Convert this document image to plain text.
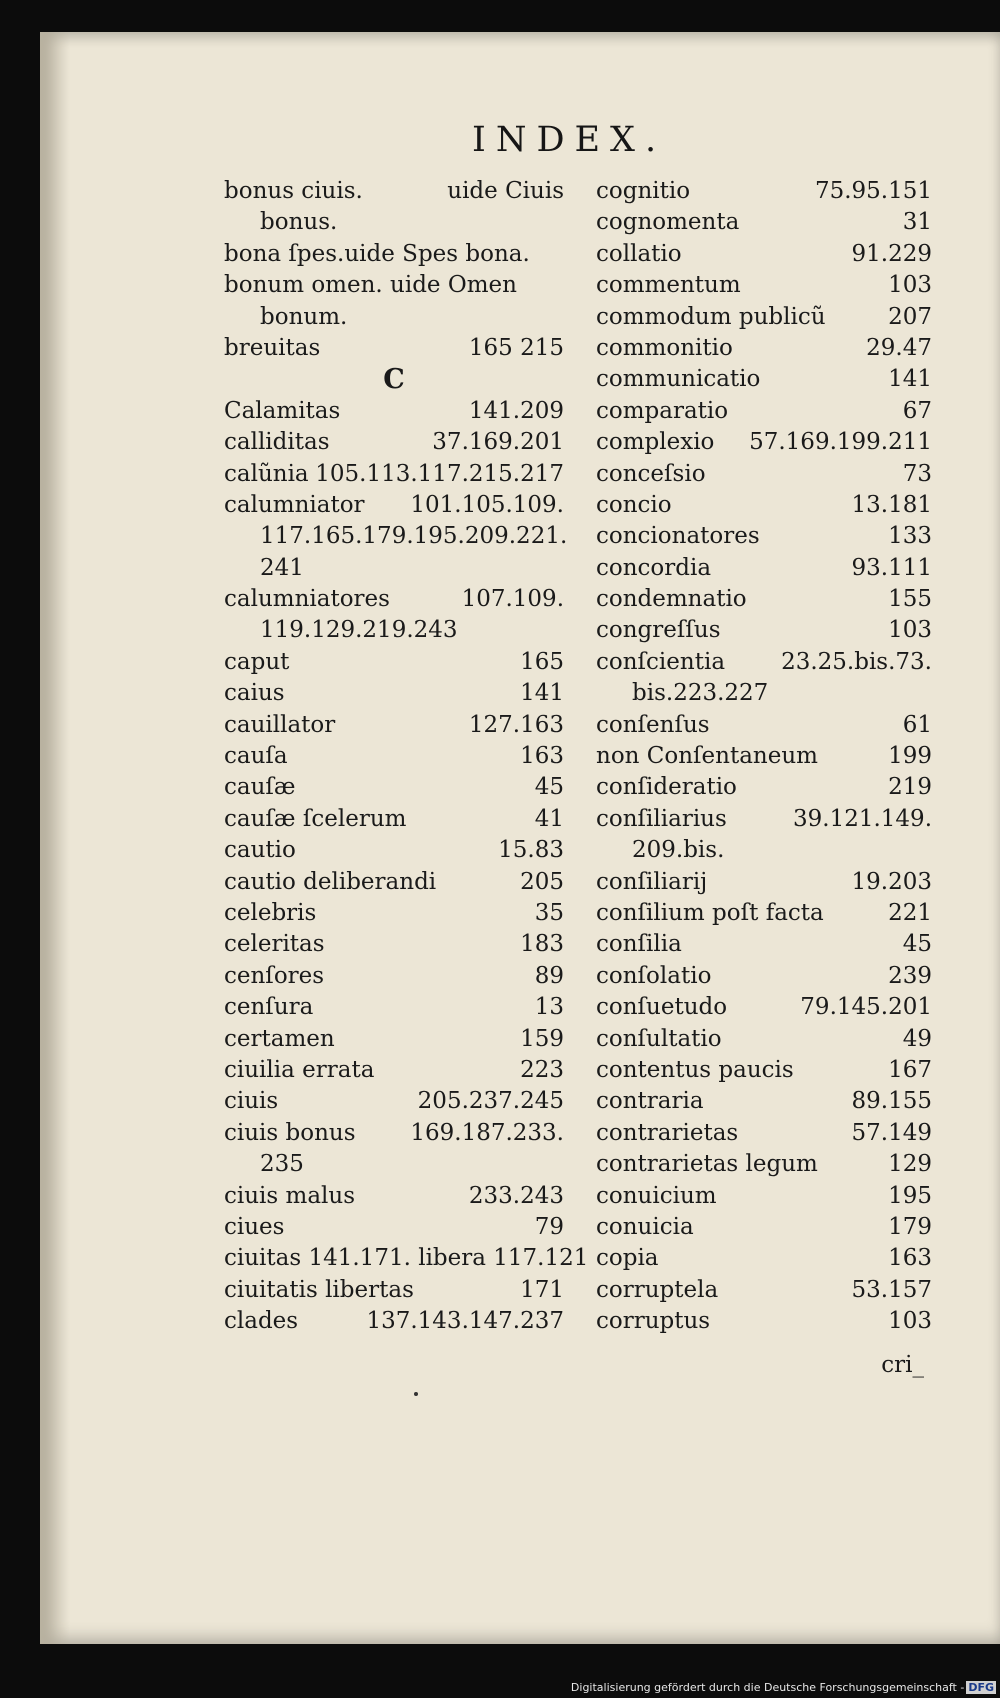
INDEX.
bonus ciuis.	uide Ciuis
bonus.
bona ſpes.uide Spes bona.
bonum omen. uide Omen
bonum.
breuitas	165 215
C
Calamitas	141.209
calliditas	37.169.201
calũnia 105.113.117.215.217
calumniator 101.105.109.
117.165.179.195.209.221.
241
calumniatores	107.109.
119.129.219.243
caput	165
caius	141
cauillator	127.163
cauſa	163
cauſæ	45
cauſæ ſcelerum	41
cautio	15.83
cautio deliberandi	205
celebris	35
celeritas	183
cenſores	89
cenſura	13
certamen	159
ciuilia errata	223
ciuis	205.237.245
ciuis bonus 169.187.233.
235
ciuis malus	233.243
ciues	79
ciuitas 141.171. libera 117.121
ciuitatis libertas	171
clades	137.143.147.237
cognitio	75.95.151
cognomenta	31
collatio	91.229
commentum	103
commodum publicũ	207
commonitio	29.47
communicatio	141
comparatio	67
complexio 57.169.199.211
conceſsio	73
concio	13.181
concionatores	133
concordia	93.111
condemnatio	155
congreſſus	103
conſcientia 23.25.bis.73.
bis.223.227
conſenſus	61
non Conſentaneum	199
conſideratio	219
conſiliarius	39.121.149.
209.bis.
conſiliarij	19.203
conſilium poſt facta	221
conſilia	45
conſolatio	239
conſuetudo	79.145.201
conſultatio	49
contentus paucis	167
contraria	89.155
contrarietas	57.149
contrarietas legum	129
conuicium	195
conuicia	179
copia	163
corruptela	53.157
corruptus	103
cri_
Digitalisierung gefördert durch die Deutsche Forschungsgemeinschaft - DFG
